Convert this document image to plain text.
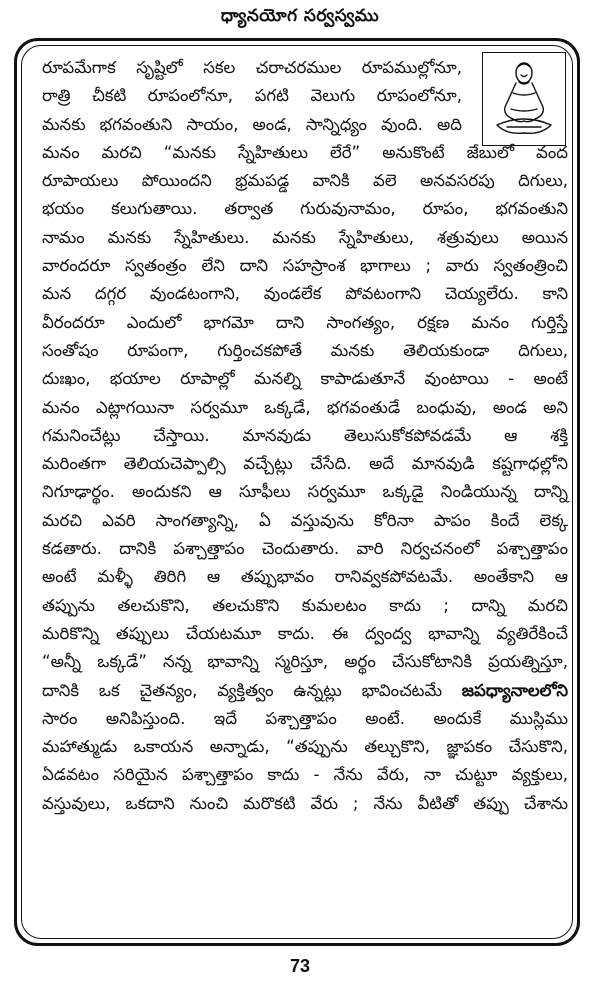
ధ్యానయోగ సర్వస్వము
రూపమేగాక సృష్టిలో సకల చరాచరముల రూపముల్లోనూ,
రాత్రి చీకటి రూపంలోనూ, పగటి వెలుగు రూపంలోనూ,
మనకు భగవంతుని సాయం, అండ, సాన్నిధ్యం వుంది. అది
మనం మరచి “మనకు స్నేహితులు లేరే” అనుకొంటే జేబులో వంద
రూపాయలు పోయిందని భ్రమపడ్డ వానికి వలె అనవసరపు దిగులు,
భయం కలుగుతాయి. తర్వాత గురువునామం, రూపం, భగవంతుని
నామం మనకు స్నేహితులు. మనకు స్నేహితులు, శత్రువులు అయిన
వారందరూ స్వతంత్రం లేని దాని సహస్రాంశ భాగాలు ; వారు స్వతంత్రించి
మన దగ్గర వుండటంగాని, వుండలేక పోవటంగాని చెయ్యలేరు. కాని
వీరందరూ ఎందులో భాగమో దాని సాంగత్యం, రక్షణ మనం గుర్తిస్తే
సంతోషం రూపంగా, గుర్తించకపోతే మనకు తెలియకుండా దిగులు,
దుఃఖం, భయాల రూపాల్లో మనల్ని కాపాడుతూనే వుంటాయి - అంటే
మనం ఎట్లాగయినా సర్వమూ ఒక్కడే, భగవంతుడే బంధువు, అండ అని
గమనించేట్లు చేస్తాయి. మానవుడు తెలుసుకోకపోవడమే ఆ శక్తి
మరింతగా తెలియచెప్పాల్సి వచ్చేట్లు చేసేది. అదే మానవుడి కష్టగాధల్లోని
నిగూఢార్థం. అందుకని ఆ సూఫీలు సర్వమూ ఒక్కడై నిండియున్న దాన్ని
మరచి ఎవరి సాంగత్యాన్ని, ఏ వస్తువును కోరినా పాపం కిందే లెక్క
కడతారు. దానికి పశ్చాత్తాపం చెందుతారు. వారి నిర్వచనంలో పశ్చాత్తాపం
అంటే మళ్ళీ తిరిగి ఆ తప్పుభావం రానివ్వకపోవటమే. అంతేకాని ఆ
తప్పును తలచుకొని, తలచుకొని కుమలటం కాదు ; దాన్ని మరచి
మరికొన్ని తప్పులు చేయటమూ కాదు. ఈ ద్వంద్వ భావాన్ని వ్యతిరేకించే
“అన్నీ ఒక్కడే” నన్న భావాన్ని స్మరిస్తూ, అర్థం చేసుకోటానికి ప్రయత్నిస్తూ,
దానికి ఒక చైతన్యం, వ్యక్తిత్వం ఉన్నట్లు భావించటమే జపధ్యానాలలోని
సారం అనిపిస్తుంది. ఇదే పశ్చాత్తాపం అంటే. అందుకే ముస్లిము
మహాత్ముడు ఒకాయన అన్నాడు, “తప్పును తల్చుకొని, జ్ఞాపకం చేసుకొని,
ఏడవటం సరియైన పశ్చాత్తాపం కాదు - నేను వేరు, నా చుట్టూ వ్యక్తులు,
వస్తువులు, ఒకదాని నుంచి మరొకటి వేరు ; నేను వీటితో తప్పు చేశాను
73
